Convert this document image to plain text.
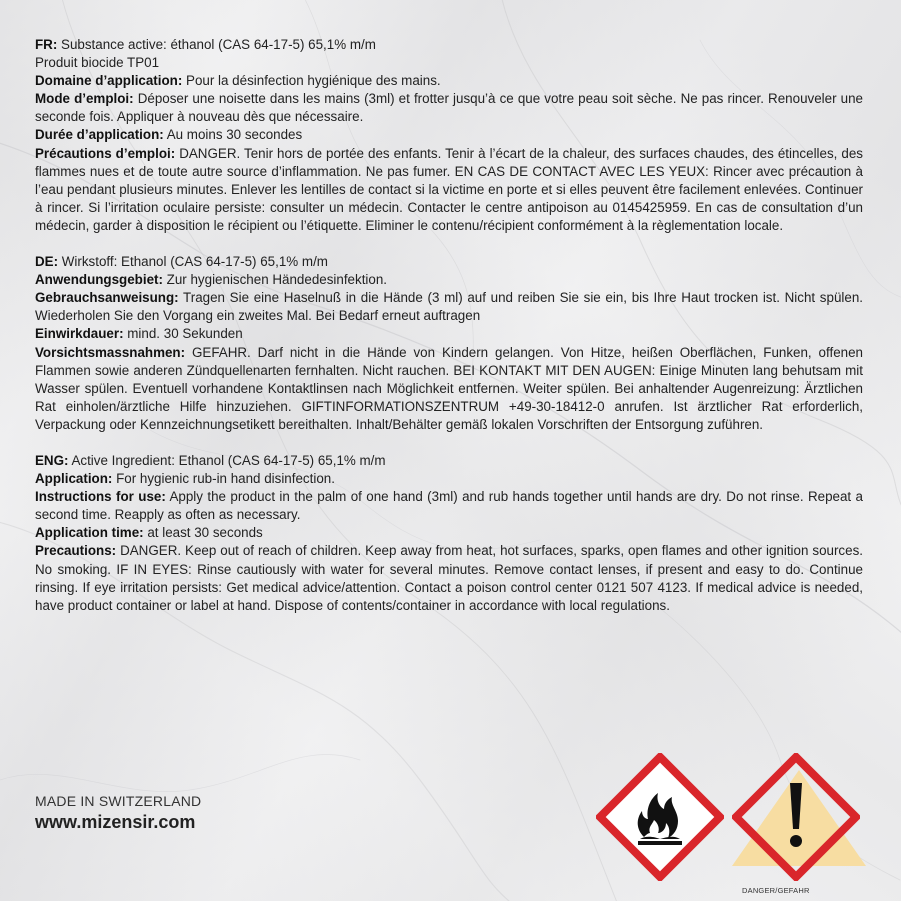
FR: Substance active: éthanol (CAS 64-17-5) 65,1% m/m

Produit biocide TP01

Domaine d’application: Pour la désinfection hygiénique des mains.

Mode d’emploi: Déposer une noisette dans les mains (3ml) et frotter jusqu’à ce que votre peau soit sèche. Ne pas rincer. Renouveler une seconde fois. Appliquer à nouveau dès que nécessaire.

Durée d’application: Au moins 30 secondes

Précautions d’emploi: DANGER. Tenir hors de portée des enfants. Tenir à l’écart de la chaleur, des surfaces chaudes, des étincelles, des flammes nues et de toute autre source d’inflammation. Ne pas fumer. EN CAS DE CONTACT AVEC LES YEUX: Rincer avec précaution à l’eau pendant plusieurs minutes. Enlever les lentilles de contact si la victime en porte et si elles peuvent être facilement enlevées. Continuer à rincer. Si l’irritation oculaire persiste: consulter un médecin. Contacter le centre antipoison au 0145425959. En cas de consultation d’un médecin, garder à disposition le récipient ou l’étiquette. Eliminer le contenu/récipient conformément à la règlementation locale.

DE: Wirkstoff: Ethanol (CAS 64-17-5) 65,1% m/m

Anwendungsgebiet: Zur hygienischen Händedesinfektion.

Gebrauchsanweisung: Tragen Sie eine Haselnuß in die Hände (3 ml) auf und reiben Sie sie ein, bis Ihre Haut trocken ist. Nicht spülen. Wiederholen Sie den Vorgang ein zweites Mal. Bei Bedarf erneut auftragen

Einwirkdauer: mind. 30 Sekunden

Vorsichtsmassnahmen: GEFAHR. Darf nicht in die Hände von Kindern gelangen. Von Hitze, heißen Oberflächen, Funken, offenen Flammen sowie anderen Zündquellenarten fernhalten. Nicht rauchen. BEI KONTAKT MIT DEN AUGEN: Einige Minuten lang behutsam mit Wasser spülen. Eventuell vorhandene Kontaktlinsen nach Möglichkeit entfernen. Weiter spülen. Bei anhaltender Augenreizung: Ärztlichen Rat einholen/ärztliche Hilfe hinzuziehen. GIFTINFORMATIONSZENTRUM +49-30-18412-0 anrufen. Ist ärztlicher Rat erforderlich, Verpackung oder Kennzeichnungsetikett bereithalten. Inhalt/Behälter gemäß lokalen Vorschriften der Entsorgung zuführen.

ENG: Active Ingredient: Ethanol (CAS 64-17-5) 65,1% m/m

Application: For hygienic rub-in hand disinfection.

Instructions for use: Apply the product in the palm of one hand (3ml) and rub hands together until hands are dry. Do not rinse. Repeat a second time. Reapply as often as necessary.

Application time: at least 30 seconds

Precautions: DANGER. Keep out of reach of children. Keep away from heat, hot surfaces, sparks, open flames and other ignition sources. No smoking. IF IN EYES: Rinse cautiously with water for several minutes. Remove contact lenses, if present and easy to do. Continue rinsing. If eye irritation persists: Get medical advice/attention. Contact a poison control center 0121 507 4123. If medical advice is needed, have product container or label at hand. Dispose of contents/container in accordance with local regulations.

MADE IN SWITZERLAND
www.mizensir.com
DANGER/GEFAHR
